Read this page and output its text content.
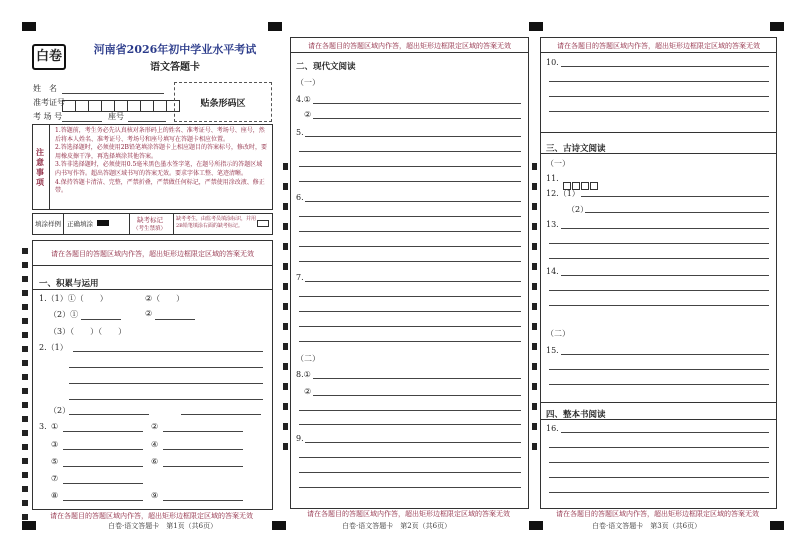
白卷	河南省2026年初中学业水平考试
语文答题卡
姓　名
准考证号
考 场 号	座号
贴条形码区
注意事项
1.答题前，考生务必先认真核对条形码上的姓名、准考证号、考场号、座号，然后将本人姓名、准考证号、考场号和座号填写在答题卡相应位置。
2.答选择题时，必须使用2B铅笔填涂答题卡上相应题目的答案标号，修改时，要用橡皮擦干净，再选择填涂其他答案。
3.答非选择题时，必须使用0.5毫米黑色墨水签字笔，在题号所指示的答题区域内书写作答。超出答题区域书写的答案无效。要求字体工整、笔迹清晰。
4.保持答题卡清洁、完整，严禁折叠，严禁做任何标记，严禁使用涂改液、修正带。
填涂样例 正确填涂	缺考标记
（考生禁填）
缺考考生，由监考员填涂标识，并用2B铅笔填涂右面的缺考标记。
请在各题目的答题区域内作答，超出矩形边框限定区域的答案无效
一、积累与运用
1.（1）①（　　）	②（　　）
（2）①	②
（3）（　　）（　　）
2.（1）
（2）
3. ①	②
③	④
⑤	⑥
⑦
⑧	⑨
请在各题目的答题区域内作答，超出矩形边框限定区域的答案无效
白卷·语文答题卡　第1页（共6页）
请在各题目的答题区域内作答，超出矩形边框限定区域的答案无效
二、现代文阅读
（一）
4.①
②
5.
6.
7.
（二）
8.①
②
9.
请在各题目的答题区域内作答，超出矩形边框限定区域的答案无效
白卷·语文答题卡　第2页（共6页）
请在各题目的答题区域内作答，超出矩形边框限定区域的答案无效
10.
三、古诗文阅读
（一）
11.
12.（1）
（2）
13.
14.
（二）
15.
四、整本书阅读
16.
请在各题目的答题区域内作答，超出矩形边框限定区域的答案无效
白卷·语文答题卡　第3页（共6页）
